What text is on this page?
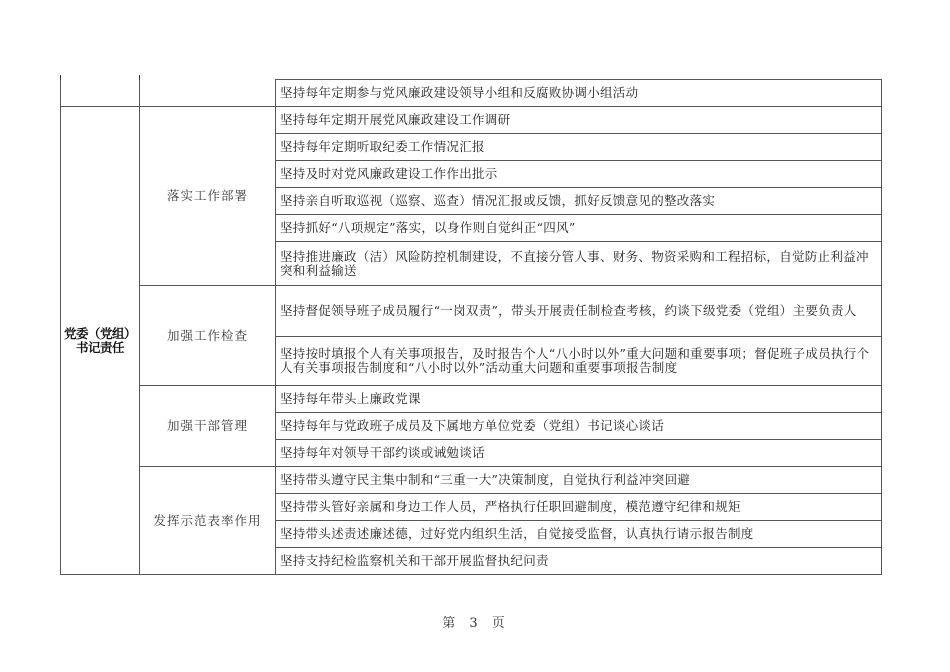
		坚持每年定期参与党风廉政建设领导小组和反腐败协调小组活动
党委（党组）书记责任	落实工作部署	坚持每年定期开展党风廉政建设工作调研
		坚持每年定期听取纪委工作情况汇报
		坚持及时对党风廉政建设工作作出批示
		坚持亲自听取巡视（巡察、巡查）情况汇报或反馈，抓好反馈意见的整改落实
		坚持抓好“八项规定”落实，以身作则自觉纠正“四风”
		坚持推进廉政（洁）风险防控机制建设，不直接分管人事、财务、物资采购和工程招标，自觉防止利益冲突和利益输送
	加强工作检查	坚持督促领导班子成员履行“一岗双责”，带头开展责任制检查考核，约谈下级党委（党组）主要负责人
		坚持按时填报个人有关事项报告，及时报告个人“八小时以外”重大问题和重要事项；督促班子成员执行个人有关事项报告制度和“八小时以外”活动重大问题和重要事项报告制度
	加强干部管理	坚持每年带头上廉政党课
		坚持每年与党政班子成员及下属地方单位党委（党组）书记谈心谈话
		坚持每年对领导干部约谈或诫勉谈话
	发挥示范表率作用	坚持带头遵守民主集中制和“三重一大”决策制度，自觉执行利益冲突回避
		坚持带头管好亲属和身边工作人员，严格执行任职回避制度，模范遵守纪律和规矩
		坚持带头述责述廉述德，过好党内组织生活，自觉接受监督，认真执行请示报告制度
		坚持支持纪检监察机关和干部开展监督执纪问责
第 3 页
